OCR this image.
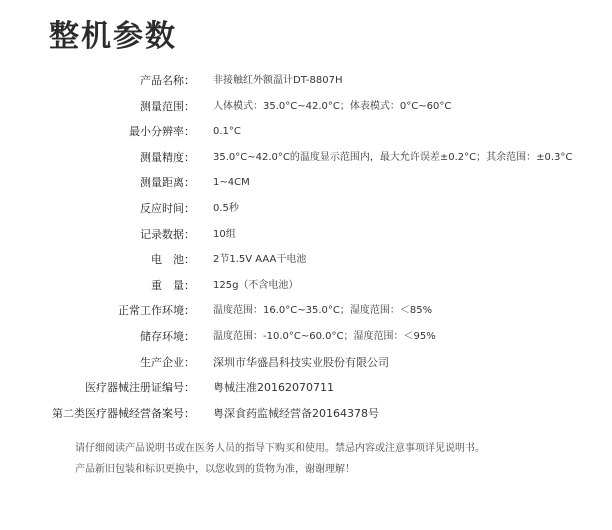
整机参数
产品名称： 非接触红外额温计DT-8807H
测量范围： 人体模式：35.0°C~42.0°C；体表模式：0°C~60°C
最小分辨率： 0.1°C
测量精度： 35.0°C~42.0°C的温度显示范围内，最大允许误差±0.2°C；其余范围：±0.3°C
测量距离： 1~4CM
反应时间： 0.5秒
记录数据： 10组
电　池： 2节1.5V AAA干电池
重　量： 125g（不含电池）
正常工作环境： 温度范围：16.0°C~35.0°C；湿度范围：＜85%
储存环境： 温度范围：-10.0°C~60.0°C；湿度范围：＜95%
生产企业： 深圳市华盛昌科技实业股份有限公司
医疗器械注册证编号： 粤械注准20162070711
第二类医疗器械经营备案号： 粤深食药监械经营备20164378号
请仔细阅读产品说明书或在医务人员的指导下购买和使用。禁忌内容或注意事项详见说明书。
产品新旧包装和标识更换中，以您收到的货物为准，谢谢理解！
